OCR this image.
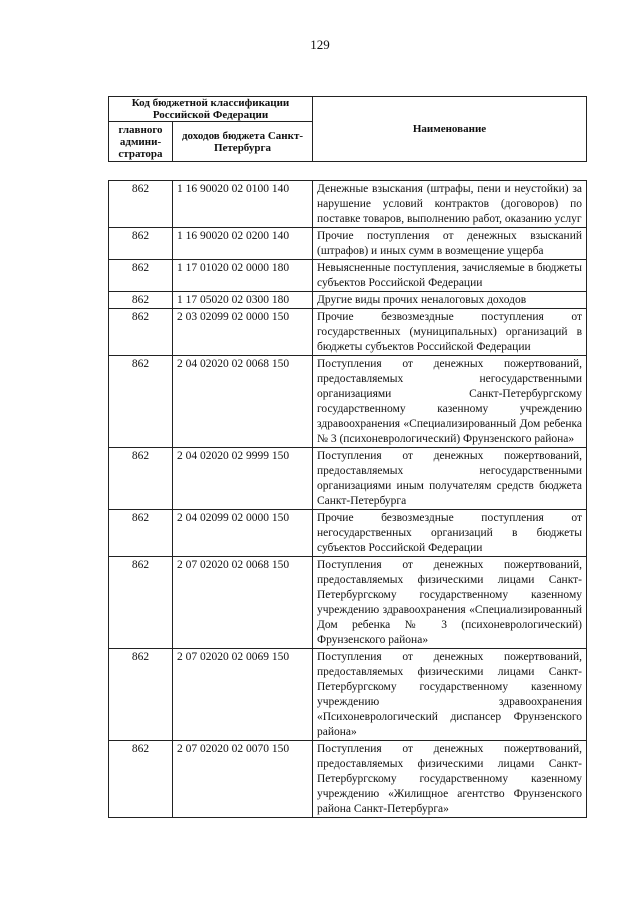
129
Код бюджетной классификации Российской Федерации		Наименование
главного админи-стратора	доходов бюджета Санкт-Петербурга	
862	1 16 90020 02 0100 140	Денежные взыскания (штрафы, пени и неустойки) за нарушение условий контрактов (договоров) по поставке товаров, выполнению работ, оказанию услуг
862	1 16 90020 02 0200 140	Прочие поступления от денежных взысканий (штрафов) и иных сумм в возмещение ущерба
862	1 17 01020 02 0000 180	Невыясненные поступления, зачисляемые в бюджеты субъектов Российской Федерации
862	1 17 05020 02 0300 180	Другие виды прочих неналоговых доходов
862	2 03 02099 02 0000 150	Прочие безвозмездные поступления от государственных (муниципальных) организаций в бюджеты субъектов Российской Федерации
862	2 04 02020 02 0068 150	Поступления от денежных пожертвований, предоставляемых негосударственными организациями Санкт-Петербургскому государственному казенному учреждению здравоохранения «Специализированный Дом ребенка № 3 (психоневрологический) Фрунзенского района»
862	2 04 02020 02 9999 150	Поступления от денежных пожертвований, предоставляемых негосударственными организациями иным получателям средств бюджета Санкт-Петербурга
862	2 04 02099 02 0000 150	Прочие безвозмездные поступления от негосударственных организаций в бюджеты субъектов Российской Федерации
862	2 07 02020 02 0068 150	Поступления от денежных пожертвований, предоставляемых физическими лицами Санкт-Петербургскому государственному казенному учреждению здравоохранения «Специализированный Дом ребенка № 3 (психоневрологический) Фрунзенского района»
862	2 07 02020 02 0069 150	Поступления от денежных пожертвований, предоставляемых физическими лицами Санкт-Петербургскому государственному казенному учреждению здравоохранения «Психоневрологический диспансер Фрунзенского района»
862	2 07 02020 02 0070 150	Поступления от денежных пожертвований, предоставляемых физическими лицами Санкт-Петербургскому государственному казенному учреждению «Жилищное агентство Фрунзенского района Санкт-Петербурга»
